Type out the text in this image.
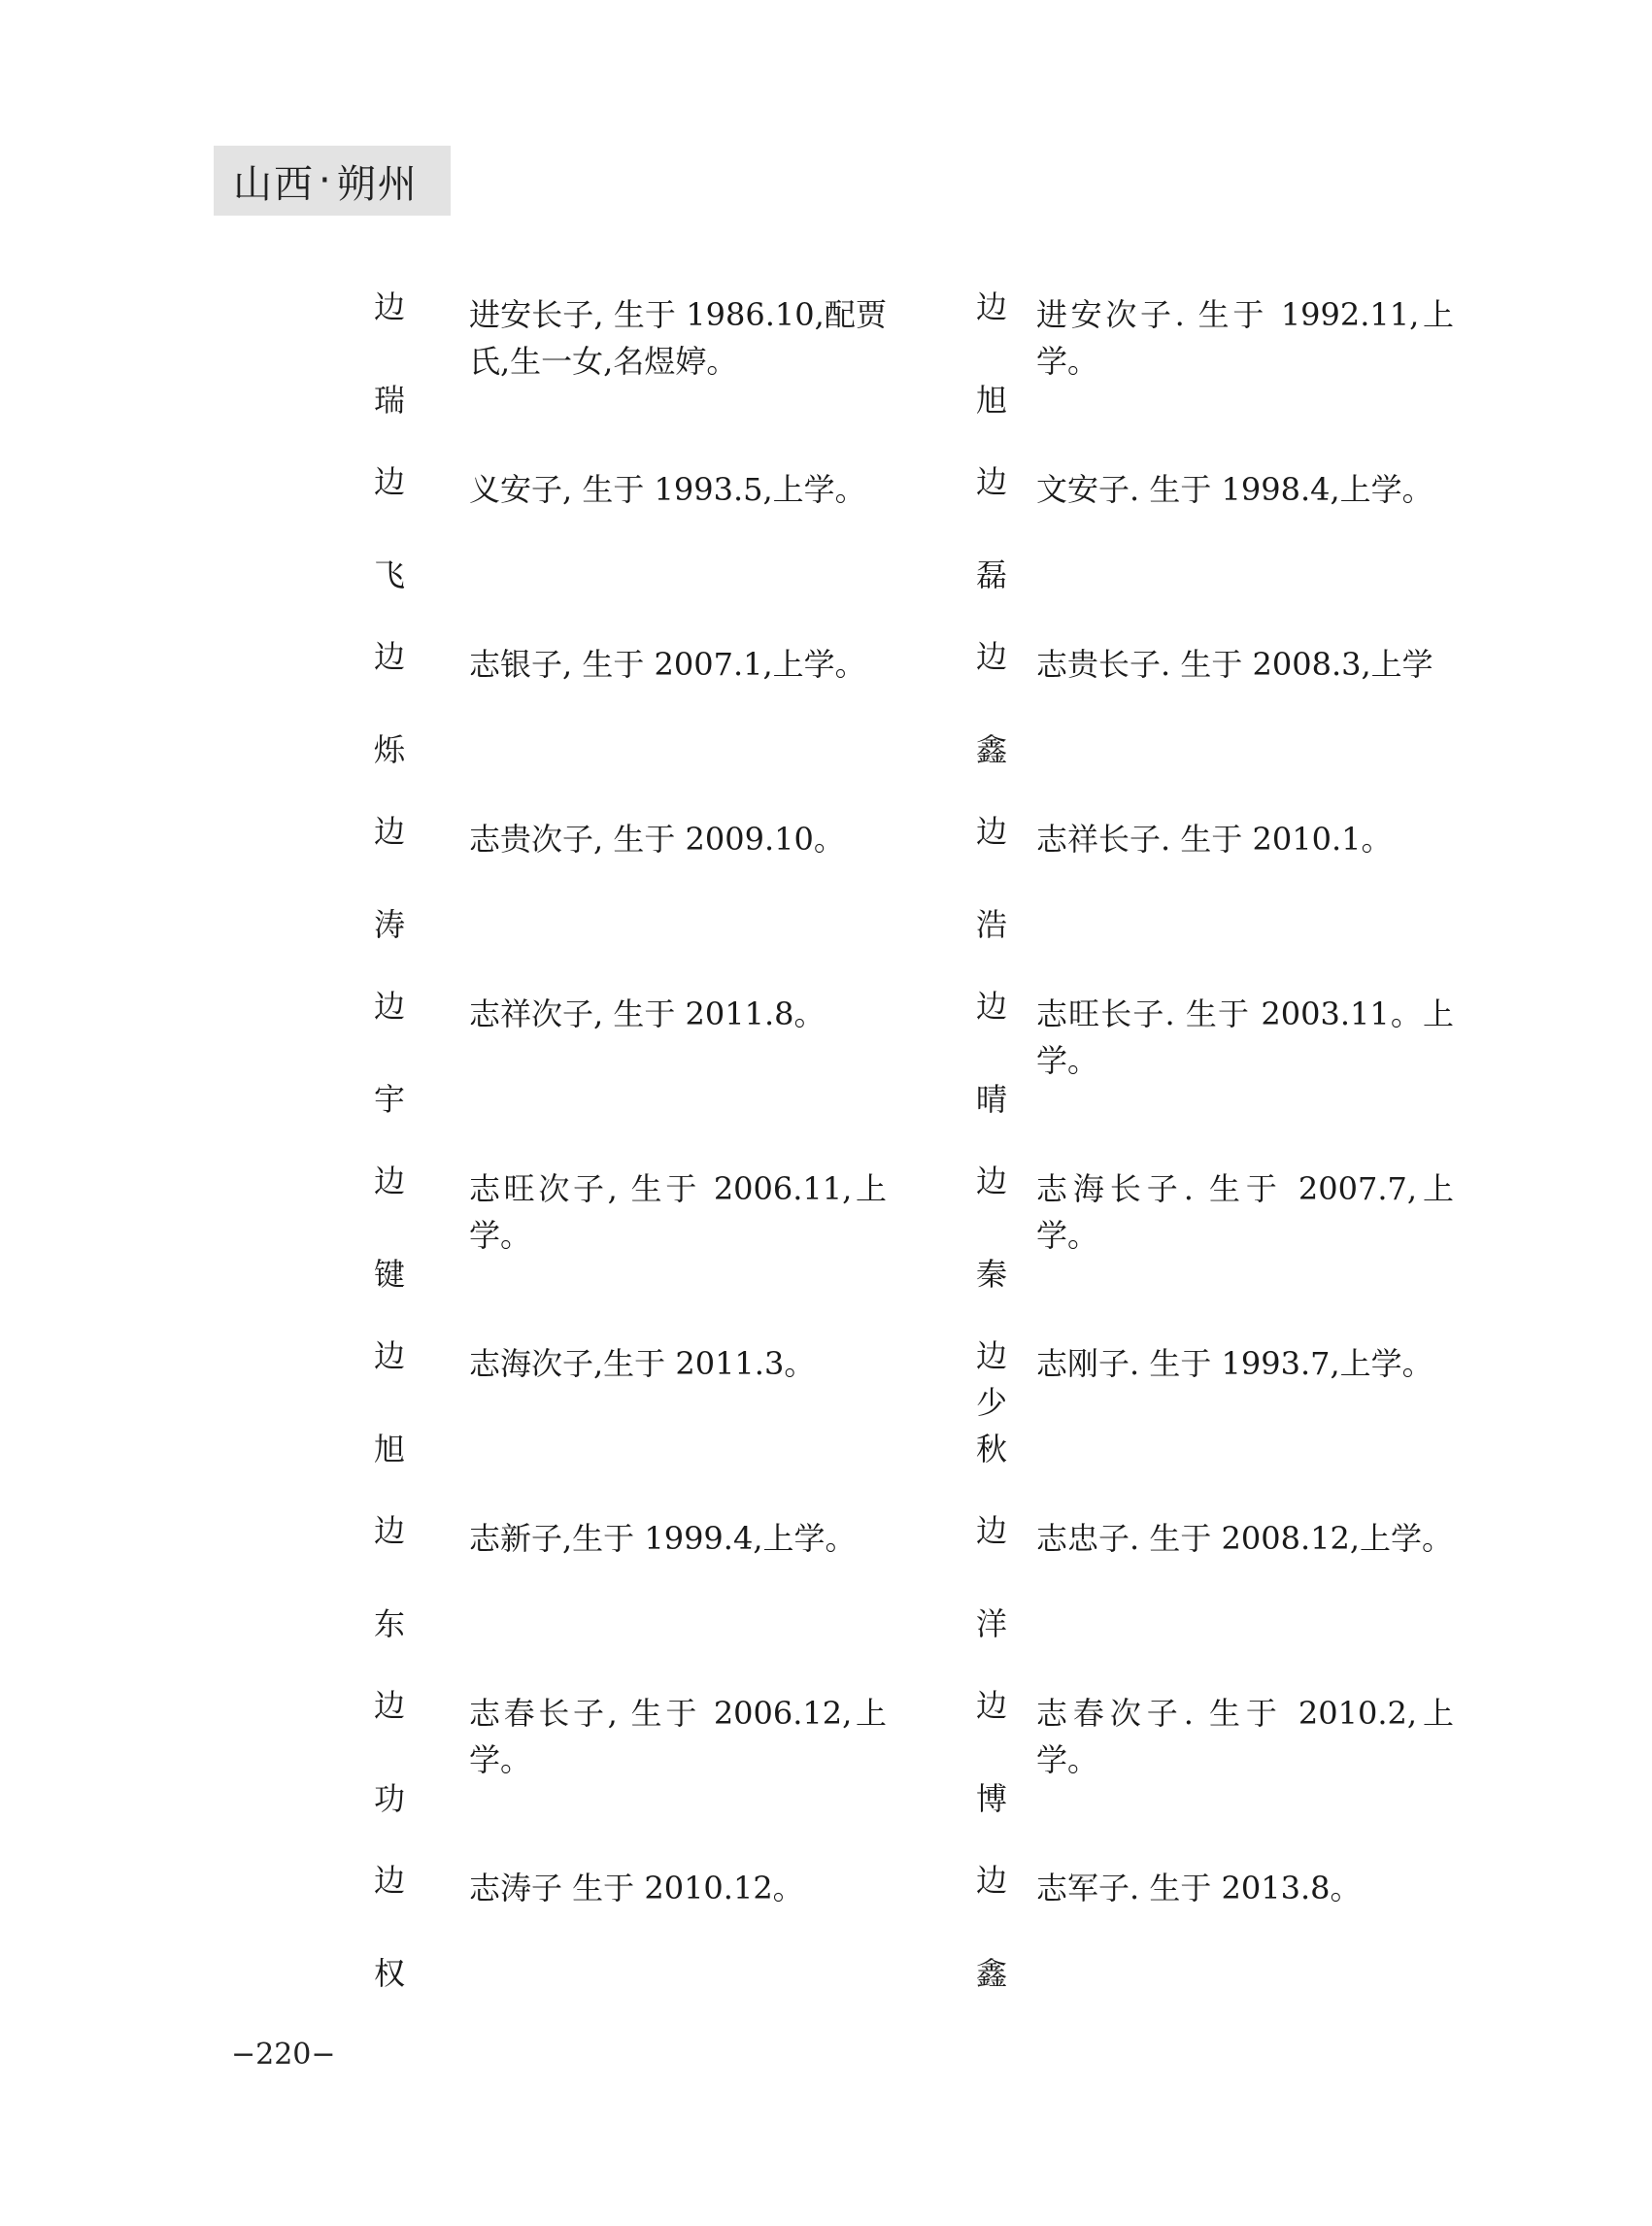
山西 · 朔州
边
瑞
进安长子, 生于 1986.10,配贾氏,生一女,名煜婷。
边
飞
义安子, 生于 1993.5,上学。
边
烁
志银子, 生于 2007.1,上学。
边
涛
志贵次子, 生于 2009.10。
边
宇
志祥次子, 生于 2011.8。
边
键
志旺次子, 生于 2006.11,上学。
边
旭
志海次子,生于 2011.3。
边
东
志新子,生于 1999.4,上学。
边
功
志春长子, 生于 2006.12,上学。
边
权
志涛子 生于 2010.12。
边
旭
进安次子. 生于 1992.11,上学。
边
磊
文安子. 生于 1998.4,上学。
边
鑫
志贵长子. 生于 2008.3,上学
边
浩
志祥长子. 生于 2010.1。
边
晴
志旺长子. 生于 2003.11。上学。
边
秦
志海长子. 生于 2007.7,上学。
边
少
秋
志刚子. 生于 1993.7,上学。
边
洋
志忠子. 生于 2008.12,上学。
边
博
志春次子. 生于 2010.2,上学。
边
鑫
志军子. 生于 2013.8。
−220−
